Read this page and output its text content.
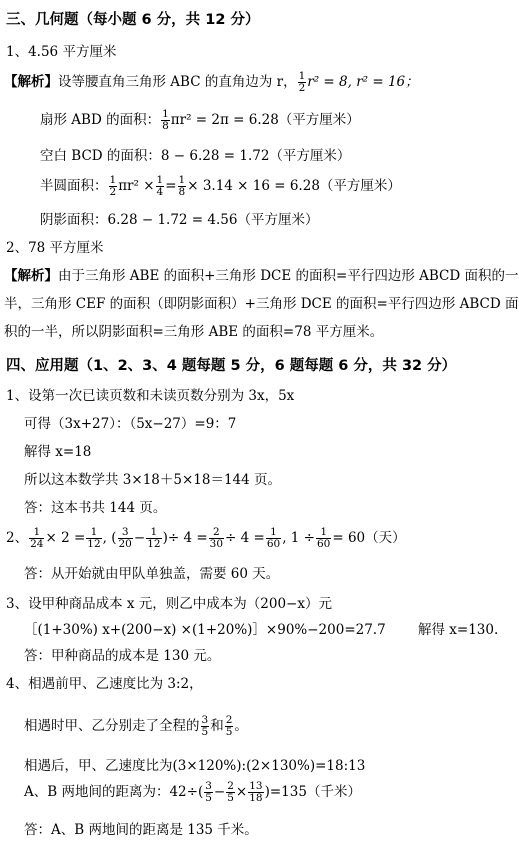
三、几何题（每小题 6 分，共 12 分）
1、4.56 平方厘米
【解析】设等腰直角三角形 ABC 的直角边为 r， $\frac{1}{2} r^2 = 8$, r² = 16；
扇形 ABD 的面积： $\frac{1}{8} \pi r^2 = 2\pi = 6.28$（平方厘米）
空白 BCD 的面积：8 − 6.28 = 1.72（平方厘米）
半圆面积： $\frac{1}{2} \pi r^2 \times \frac{1}{4} = \frac{1}{8} \times 3.14 \times 16 = 6.28$（平方厘米）
阴影面积：6.28 − 1.72 = 4.56（平方厘米）
2、78 平方厘米
【解析】由于三角形 ABE 的面积+三角形 DCE 的面积=平行四边形 ABCD 面积的一
半，三角形 CEF 的面积（即阴影面积）+三角形 DCE 的面积=平行四边形 ABCD 面
积的一半，所以阴影面积=三角形 ABE 的面积=78 平方厘米。
四、应用题（1、2、3、4 题每题 5 分，6 题每题 6 分，共 32 分）
1、设第一次已读页数和未读页数分别为 3x，5x
可得（3x+27）：（5x−27）=9：7
解得 x=18
所以这本数学共 3×18＋5×18＝144 页。
答：这本书共 144 页。
2、 $\frac{1}{24} \times 2 = \frac{1}{12}$ , ( $\frac{3}{20} - \frac{1}{12}$ )÷ $4 = \frac{2}{30} \div 4 = \frac{1}{60}$ , $1 \div \frac{1}{60} = 60$（天）
答：从开始就由甲队单独盖，需要 60 天。
3、设甲种商品成本 x 元，则乙中成本为（200−x）元
［(1+30%) x+(200−x) ×(1+20%)］×90%−200=27.7 解得 x=130.
答：甲种商品的成本是 130 元。
4、相遇前甲、乙速度比为 3:2，
相遇时甲、乙分别走了全程的 $\frac{3}{5}$ 和 $\frac{2}{5}$ 。
相遇后，甲、乙速度比为(3×120%):(2×130%)=18:13
A、B 两地间的距离为：$42\div( \frac{3}{5} - \frac{2}{5} \times \frac{13}{18} )=135$（千米）
答：A、B 两地间的距离是 135 千米。
